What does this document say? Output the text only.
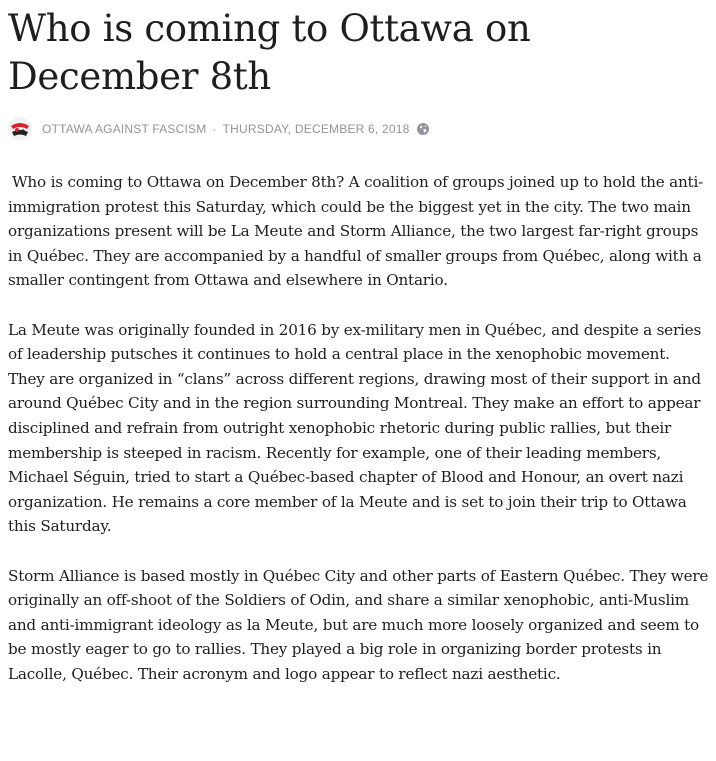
Who is coming to Ottawa on December 8th
OTTAWA AGAINST FASCISM · THURSDAY, DECEMBER 6, 2018

Who is coming to Ottawa on December 8th? A coalition of groups joined up to hold the anti-immigration protest this Saturday, which could be the biggest yet in the city. The two main organizations present will be La Meute and Storm Alliance, the two largest far-right groups in Québec. They are accompanied by a handful of smaller groups from Québec, along with a smaller contingent from Ottawa and elsewhere in Ontario.

La Meute was originally founded in 2016 by ex-military men in Québec, and despite a series of leadership putsches it continues to hold a central place in the xenophobic movement. They are organized in “clans” across different regions, drawing most of their support in and around Québec City and in the region surrounding Montreal. They make an effort to appear disciplined and refrain from outright xenophobic rhetoric during public rallies, but their membership is steeped in racism. Recently for example, one of their leading members, Michael Séguin, tried to start a Québec-based chapter of Blood and Honour, an overt nazi organization. He remains a core member of la Meute and is set to join their trip to Ottawa this Saturday.

Storm Alliance is based mostly in Québec City and other parts of Eastern Québec. They were originally an off-shoot of the Soldiers of Odin, and share a similar xenophobic, anti-Muslim and anti-immigrant ideology as la Meute, but are much more loosely organized and seem to be mostly eager to go to rallies. They played a big role in organizing border protests in Lacolle, Québec. Their acronym and logo appear to reflect nazi aesthetic.
